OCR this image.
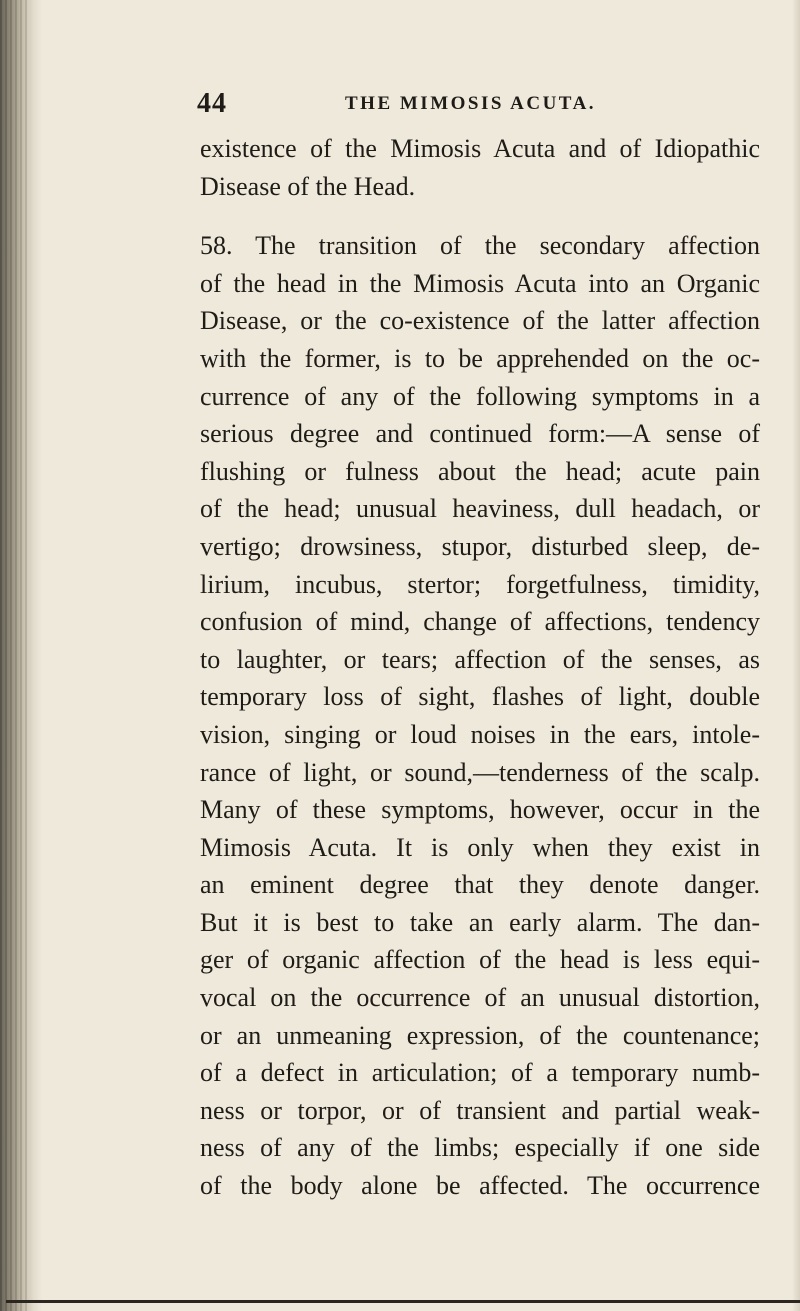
44	THE MIMOSIS ACUTA.
existence of the Mimosis Acuta and of Idiopathic
Disease of the Head.
58. The transition of the secondary affection
of the head in the Mimosis Acuta into an Organic
Disease, or the co-existence of the latter affection
with the former, is to be apprehended on the oc-
currence of any of the following symptoms in a
serious degree and continued form:—A sense of
flushing or fulness about the head; acute pain
of the head; unusual heaviness, dull headach, or
vertigo; drowsiness, stupor, disturbed sleep, de-
lirium, incubus, stertor; forgetfulness, timidity,
confusion of mind, change of affections, tendency
to laughter, or tears; affection of the senses, as
temporary loss of sight, flashes of light, double
vision, singing or loud noises in the ears, intole-
rance of light, or sound,—tenderness of the scalp.
Many of these symptoms, however, occur in the
Mimosis Acuta. It is only when they exist in
an eminent degree that they denote danger.
But it is best to take an early alarm. The dan-
ger of organic affection of the head is less equi-
vocal on the occurrence of an unusual distortion,
or an unmeaning expression, of the countenance;
of a defect in articulation; of a temporary numb-
ness or torpor, or of transient and partial weak-
ness of any of the limbs; especially if one side
of the body alone be affected. The occurrence
